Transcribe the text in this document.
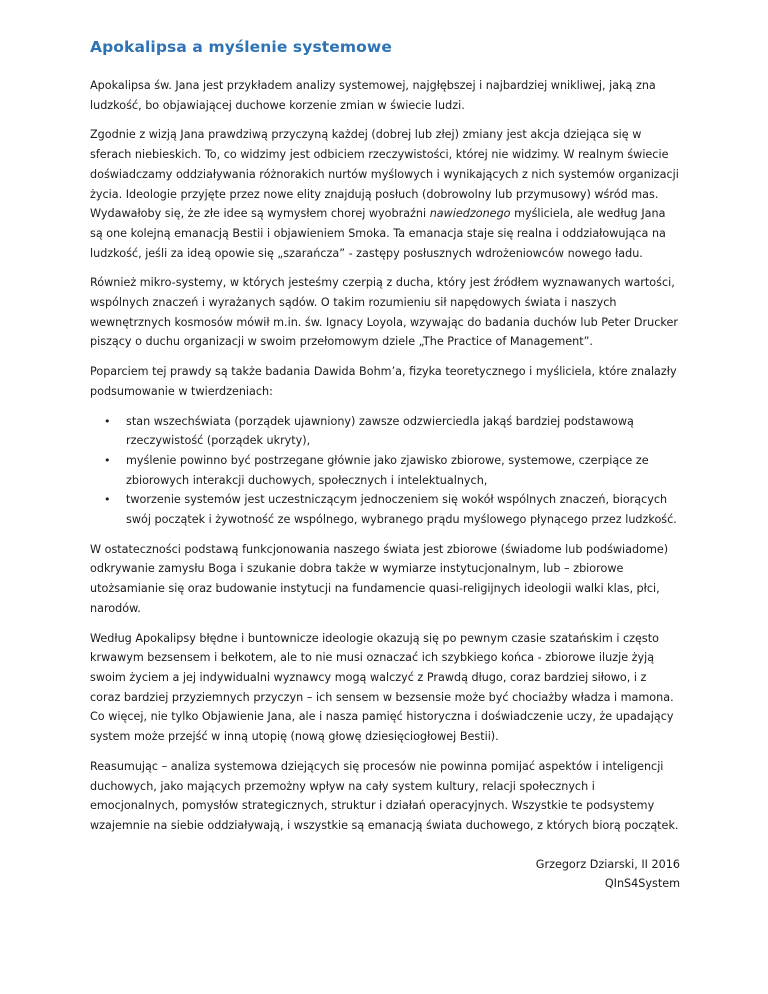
Apokalipsa a myślenie systemowe

Apokalipsa św. Jana jest przykładem analizy systemowej, najgłębszej i najbardziej wnikliwej, jaką zna ludzkość, bo objawiającej duchowe korzenie zmian w świecie ludzi.

Zgodnie z wizją Jana prawdziwą przyczyną każdej (dobrej lub złej) zmiany jest akcja dziejąca się w sferach niebieskich. To, co widzimy jest odbiciem rzeczywistości, której nie widzimy. W realnym świecie doświadczamy oddziaływania różnorakich nurtów myślowych i wynikających z nich systemów organizacji życia. Ideologie przyjęte przez nowe elity znajdują posłuch (dobrowolny lub przymusowy) wśród mas. Wydawałoby się, że złe idee są wymysłem chorej wyobraźni nawiedzonego myśliciela, ale według Jana są one kolejną emanacją Bestii i objawieniem Smoka. Ta emanacja staje się realna i oddziałowująca na ludzkość, jeśli za ideą opowie się „szarańcza” - zastępy posłusznych wdrożeniowców nowego ładu.

Również mikro-systemy, w których jesteśmy czerpią z ducha, który jest źródłem wyznawanych wartości, wspólnych znaczeń i wyrażanych sądów. O takim rozumieniu sił napędowych świata i naszych wewnętrznych kosmosów mówił m.in. św. Ignacy Loyola, wzywając do badania duchów lub Peter Drucker piszący o duchu organizacji w swoim przełomowym dziele „The Practice of Management”.

Poparciem tej prawdy są także badania Dawida Bohm’a, fizyka teoretycznego i myśliciela, które znalazły podsumowanie w twierdzeniach:

• stan wszechświata (porządek ujawniony) zawsze odzwierciedla jakąś bardziej podstawową rzeczywistość (porządek ukryty),
• myślenie powinno być postrzegane głównie jako zjawisko zbiorowe, systemowe, czerpiące ze zbiorowych interakcji duchowych, społecznych i intelektualnych,
• tworzenie systemów jest uczestniczącym jednoczeniem się wokół wspólnych znaczeń, biorących swój początek i żywotność ze wspólnego, wybranego prądu myślowego płynącego przez ludzkość.

W ostateczności podstawą funkcjonowania naszego świata jest zbiorowe (świadome lub podświadome) odkrywanie zamysłu Boga i szukanie dobra także w wymiarze instytucjonalnym, lub – zbiorowe utożsamianie się oraz budowanie instytucji na fundamencie quasi-religijnych ideologii walki klas, płci, narodów.

Według Apokalipsy błędne i buntownicze ideologie okazują się po pewnym czasie szatańskim i często krwawym bezsensem i bełkotem, ale to nie musi oznaczać ich szybkiego końca - zbiorowe iluzje żyją swoim życiem a jej indywidualni wyznawcy mogą walczyć z Prawdą długo, coraz bardziej siłowo, i z coraz bardziej przyziemnych przyczyn – ich sensem w bezsensie może być chociażby władza i mamona. Co więcej, nie tylko Objawienie Jana, ale i nasza pamięć historyczna i doświadczenie uczy, że upadający system może przejść w inną utopię (nową głowę dziesięciogłowej Bestii).

Reasumując – analiza systemowa dziejących się procesów nie powinna pomijać aspektów i inteligencji duchowych, jako mających przemożny wpływ na cały system kultury, relacji społecznych i emocjonalnych, pomysłów strategicznych, struktur i działań operacyjnych. Wszystkie te podsystemy wzajemnie na siebie oddziaływają, i wszystkie są emanacją świata duchowego, z których biorą początek.

Grzegorz Dziarski, II 2016
QInS4System
